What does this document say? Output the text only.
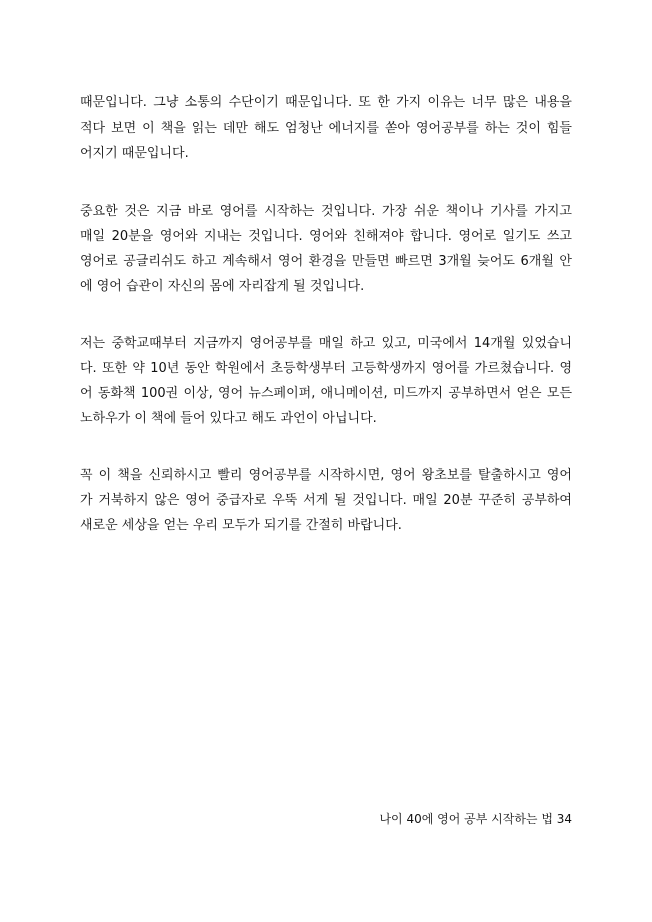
때문입니다. 그냥 소통의 수단이기 때문입니다. 또 한 가지 이유는 너무 많은 내용을
적다 보면 이 책을 읽는 데만 해도 엄청난 에너지를 쏟아 영어공부를 하는 것이 힘들
어지기 때문입니다.
중요한 것은 지금 바로 영어를 시작하는 것입니다. 가장 쉬운 책이나 기사를 가지고
매일 20분을 영어와 지내는 것입니다. 영어와 친해져야 합니다. 영어로 일기도 쓰고
영어로 공글리쉬도 하고 계속해서 영어 환경을 만들면 빠르면 3개월 늦어도 6개월 안
에 영어 습관이 자신의 몸에 자리잡게 될 것입니다.
저는 중학교때부터 지금까지 영어공부를 매일 하고 있고, 미국에서 14개월 있었습니
다. 또한 약 10년 동안 학원에서 초등학생부터 고등학생까지 영어를 가르쳤습니다. 영
어 동화책 100권 이상, 영어 뉴스페이퍼, 애니메이션, 미드까지 공부하면서 얻은 모든
노하우가 이 책에 들어 있다고 해도 과언이 아닙니다.
꼭 이 책을 신뢰하시고 빨리 영어공부를 시작하시면, 영어 왕초보를 탈출하시고 영어
가 거북하지 않은 영어 중급자로 우뚝 서게 될 것입니다. 매일 20분 꾸준히 공부하여
새로운 세상을 얻는 우리 모두가 되기를 간절히 바랍니다.
나이 40에 영어 공부 시작하는 법 34
